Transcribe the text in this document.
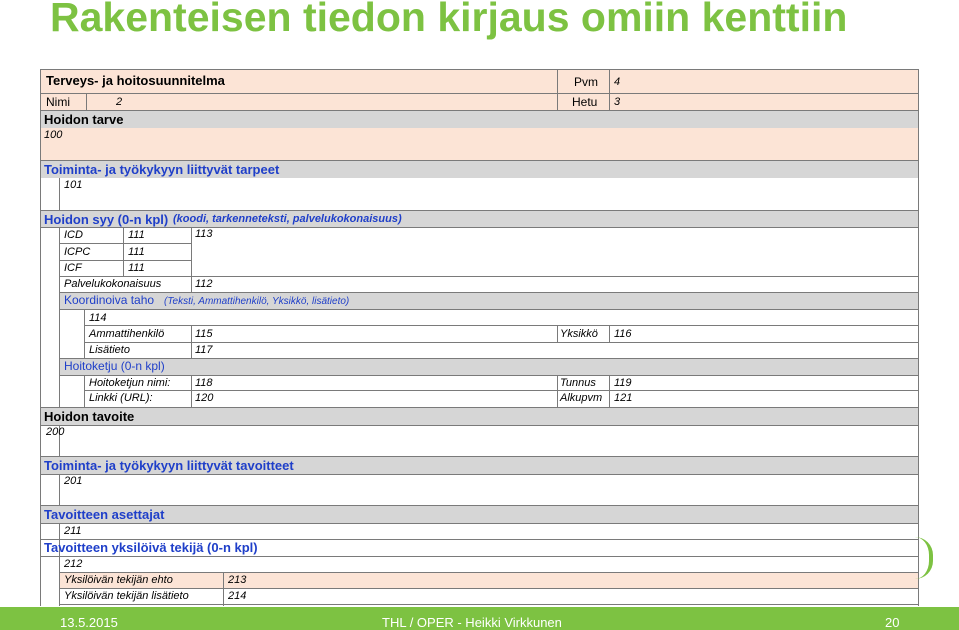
Rakenteisen tiedon kirjaus omiin kenttiin
Terveys- ja hoitosuunnitelma	Pvm 4
Nimi	2	Hetu 3
Hoidon tarve
100
Toiminta- ja työkykyyn liittyvät tarpeet
101
Hoidon syy (0-n kpl) (koodi, tarkenneteksti, palvelukokonaisuus)
ICD	111	113
ICPC	111
ICF	111
Palvelukokonaisuus	112
Koordinoiva taho (Teksti, Ammattihenkilö, Yksikkö, lisätieto)
114
Ammattihenkilö	115	Yksikkö 116
Lisätieto	117
Hoitoketju (0-n kpl)
Hoitoketjun nimi: 118	Tunnus 119
Linkki (URL):	120	Alkupvm 121
Hoidon tavoite
200
Toiminta- ja työkykyyn liittyvät tavoitteet
201
Tavoitteen asettajat
211
Tavoitteen yksilöivä tekijä (0-n kpl)
212
Yksilöivän tekijän ehto	213
Yksilöivän tekijän lisätieto	214
13.5.2015	THL / OPER - Heikki Virkkunen	20
